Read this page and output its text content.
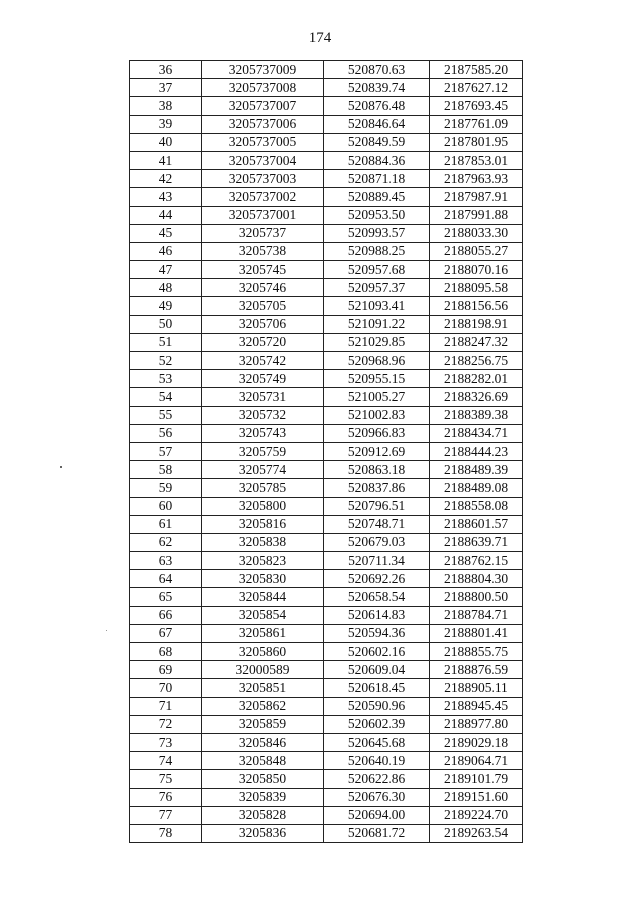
174
36	3205737009	520870.63	2187585.20
37	3205737008	520839.74	2187627.12
38	3205737007	520876.48	2187693.45
39	3205737006	520846.64	2187761.09
40	3205737005	520849.59	2187801.95
41	3205737004	520884.36	2187853.01
42	3205737003	520871.18	2187963.93
43	3205737002	520889.45	2187987.91
44	3205737001	520953.50	2187991.88
45	3205737	520993.57	2188033.30
46	3205738	520988.25	2188055.27
47	3205745	520957.68	2188070.16
48	3205746	520957.37	2188095.58
49	3205705	521093.41	2188156.56
50	3205706	521091.22	2188198.91
51	3205720	521029.85	2188247.32
52	3205742	520968.96	2188256.75
53	3205749	520955.15	2188282.01
54	3205731	521005.27	2188326.69
55	3205732	521002.83	2188389.38
56	3205743	520966.83	2188434.71
57	3205759	520912.69	2188444.23
58	3205774	520863.18	2188489.39
59	3205785	520837.86	2188489.08
60	3205800	520796.51	2188558.08
61	3205816	520748.71	2188601.57
62	3205838	520679.03	2188639.71
63	3205823	520711.34	2188762.15
64	3205830	520692.26	2188804.30
65	3205844	520658.54	2188800.50
66	3205854	520614.83	2188784.71
67	3205861	520594.36	2188801.41
68	3205860	520602.16	2188855.75
69	32000589	520609.04	2188876.59
70	3205851	520618.45	2188905.11
71	3205862	520590.96	2188945.45
72	3205859	520602.39	2188977.80
73	3205846	520645.68	2189029.18
74	3205848	520640.19	2189064.71
75	3205850	520622.86	2189101.79
76	3205839	520676.30	2189151.60
77	3205828	520694.00	2189224.70
78	3205836	520681.72	2189263.54
